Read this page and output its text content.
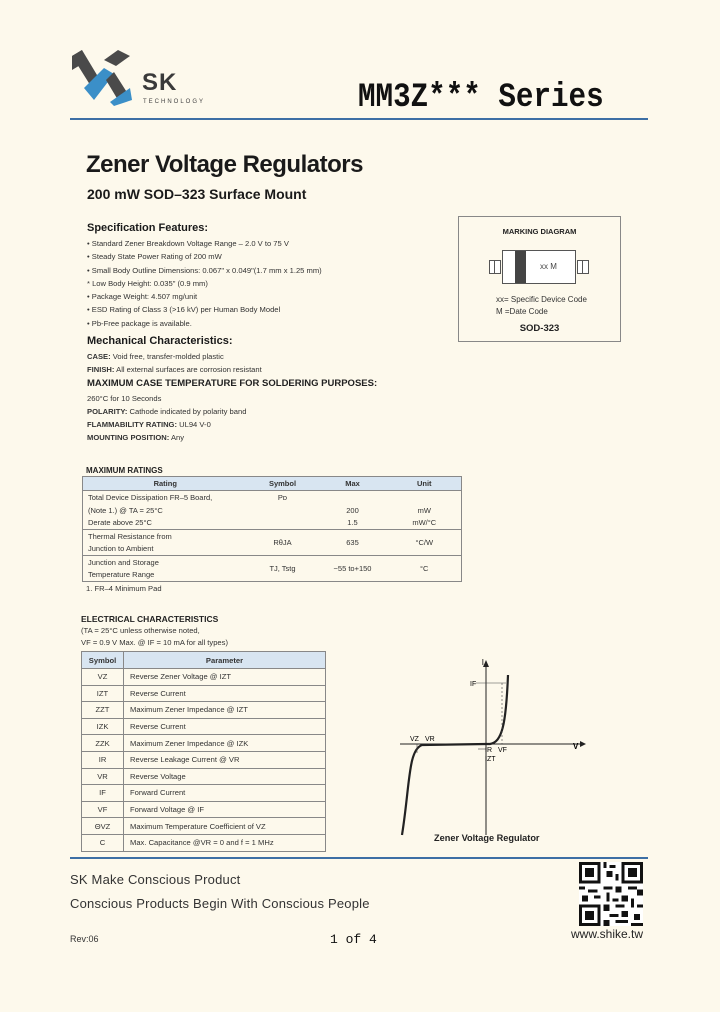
SK
TECHNOLOGY	MM3Z*** Series
Zener Voltage Regulators
200 mW SOD–323 Surface Mount
Specification Features:
• Standard Zener Breakdown Voltage Range – 2.0 V to 75 V
• Steady State Power Rating of 200 mW
• Small Body Outline Dimensions: 0.067" x 0.049"(1.7 mm x 1.25 mm)
* Low Body Height: 0.035" (0.9 mm)
• Package Weight: 4.507 mg/unit
• ESD Rating of Class 3 (>16 kV) per Human Body Model
• Pb-Free package is available.
Mechanical Characteristics:
CASE: Void free, transfer-molded plastic
FINISH: All external surfaces are corrosion resistant
MAXIMUM CASE TEMPERATURE FOR SOLDERING PURPOSES:
260°C for 10 Seconds
POLARITY: Cathode indicated by polarity band
FLAMMABILITY RATING: UL94 V-0
MOUNTING POSITION: Any
MARKING DIAGRAM
xx M
xx= Specific Device Code
M =Date Code
SOD-323
MAXIMUM RATINGS
Rating	Symbol	Max	Unit
Total Device Dissipation FR–5 Board,	Pᴅ		
(Note 1.) @ TA = 25°C		200	mW
Derate above 25°C		1.5	mW/°C
Thermal Resistance from	RθJA	635	°C/W
Junction to Ambient			
Junction and Storage	TJ, Tstg	−55 to+150	°C
Temperature Range			
1. FR–4 Minimum Pad
ELECTRICAL CHARACTERISTICS
(TA = 25°C unless otherwise noted,
VF = 0.9 V Max. @ IF = 10 mA for all types)
Symbol	Parameter
VZ	Reverse Zener Voltage @ IZT
IZT	Reverse Current
ZZT	Maximum Zener Impedance @ IZT
IZK	Reverse Current
ZZK	Maximum Zener Impedance @ IZK
IR	Reverse Leakage Current @ VR
VR	Reverse Voltage
IF	Forward Current
VF	Forward Voltage @ IF
ΘVZ	Maximum Temperature Coefficient of VZ
C	Max. Capacitance @VR = 0 and f = 1 MHz
I
V
IF
VZ VR
IR VF
IZT
Zener Voltage Regulator
SK Make Conscious Product
Conscious Products Begin With Conscious People
www.shike.tw
Rev:06	1 of 4
